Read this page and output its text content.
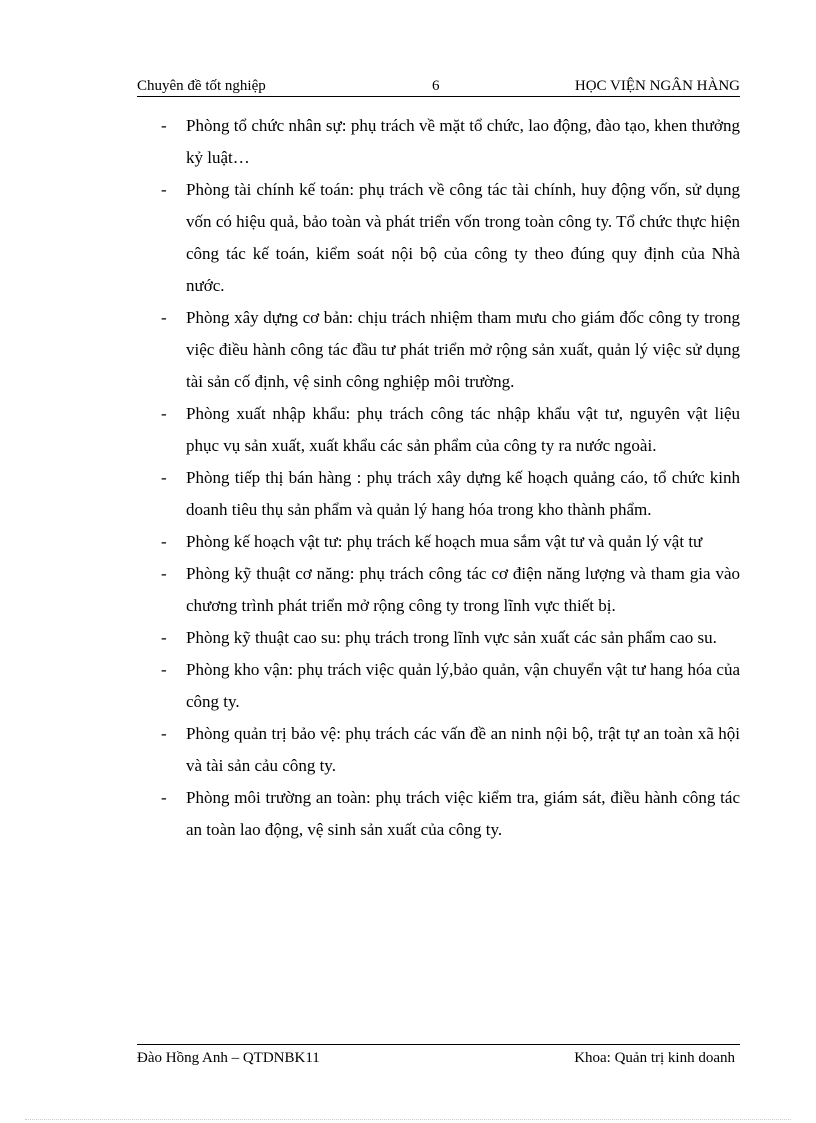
Chuyên đề tốt nghiệp	6	HỌC VIỆN NGÂN HÀNG
- Phòng tổ chức nhân sự: phụ trách về mặt tổ chức, lao động, đào tạo, khen thưởng kỷ luật…
- Phòng tài chính kế toán: phụ trách về công tác tài chính, huy động vốn, sử dụng vốn có hiệu quả, bảo toàn và phát triển vốn trong toàn công ty. Tổ chức thực hiện công tác kế toán, kiểm soát nội bộ của công ty theo đúng quy định của Nhà nước.
- Phòng xây dựng cơ bản: chịu trách nhiệm tham mưu cho giám đốc công ty trong việc điều hành công tác đầu tư phát triển mở rộng sản xuất, quản lý việc sử dụng tài sản cố định, vệ sinh công nghiệp môi trường.
- Phòng xuất nhập khẩu: phụ trách công tác nhập khẩu vật tư, nguyên vật liệu phục vụ sản xuất, xuất khẩu các sản phẩm của công ty ra nước ngoài.
- Phòng tiếp thị bán hàng : phụ trách xây dựng kế hoạch quảng cáo, tổ chức kinh doanh tiêu thụ sản phẩm và quản lý hang hóa trong kho thành phẩm.
- Phòng kế hoạch vật tư: phụ trách kế hoạch mua sắm vật tư và quản lý vật tư
- Phòng kỹ thuật cơ năng: phụ trách công tác cơ điện năng lượng và tham gia vào chương trình phát triển mở rộng công ty trong lĩnh vực thiết bị.
- Phòng kỹ thuật cao su: phụ trách trong lĩnh vực sản xuất các sản phẩm cao su.
- Phòng kho vận: phụ trách việc quản lý,bảo quản, vận chuyển vật tư hang hóa của công ty.
- Phòng quản trị bảo vệ: phụ trách các vấn đề an ninh nội bộ, trật tự an toàn xã hội và tài sản cảu công ty.
- Phòng môi trường an toàn: phụ trách việc kiểm tra, giám sát, điều hành công tác an toàn lao động, vệ sinh sản xuất của công ty.
Đào Hồng Anh – QTDNBK11	Khoa: Quản trị kinh doanh
